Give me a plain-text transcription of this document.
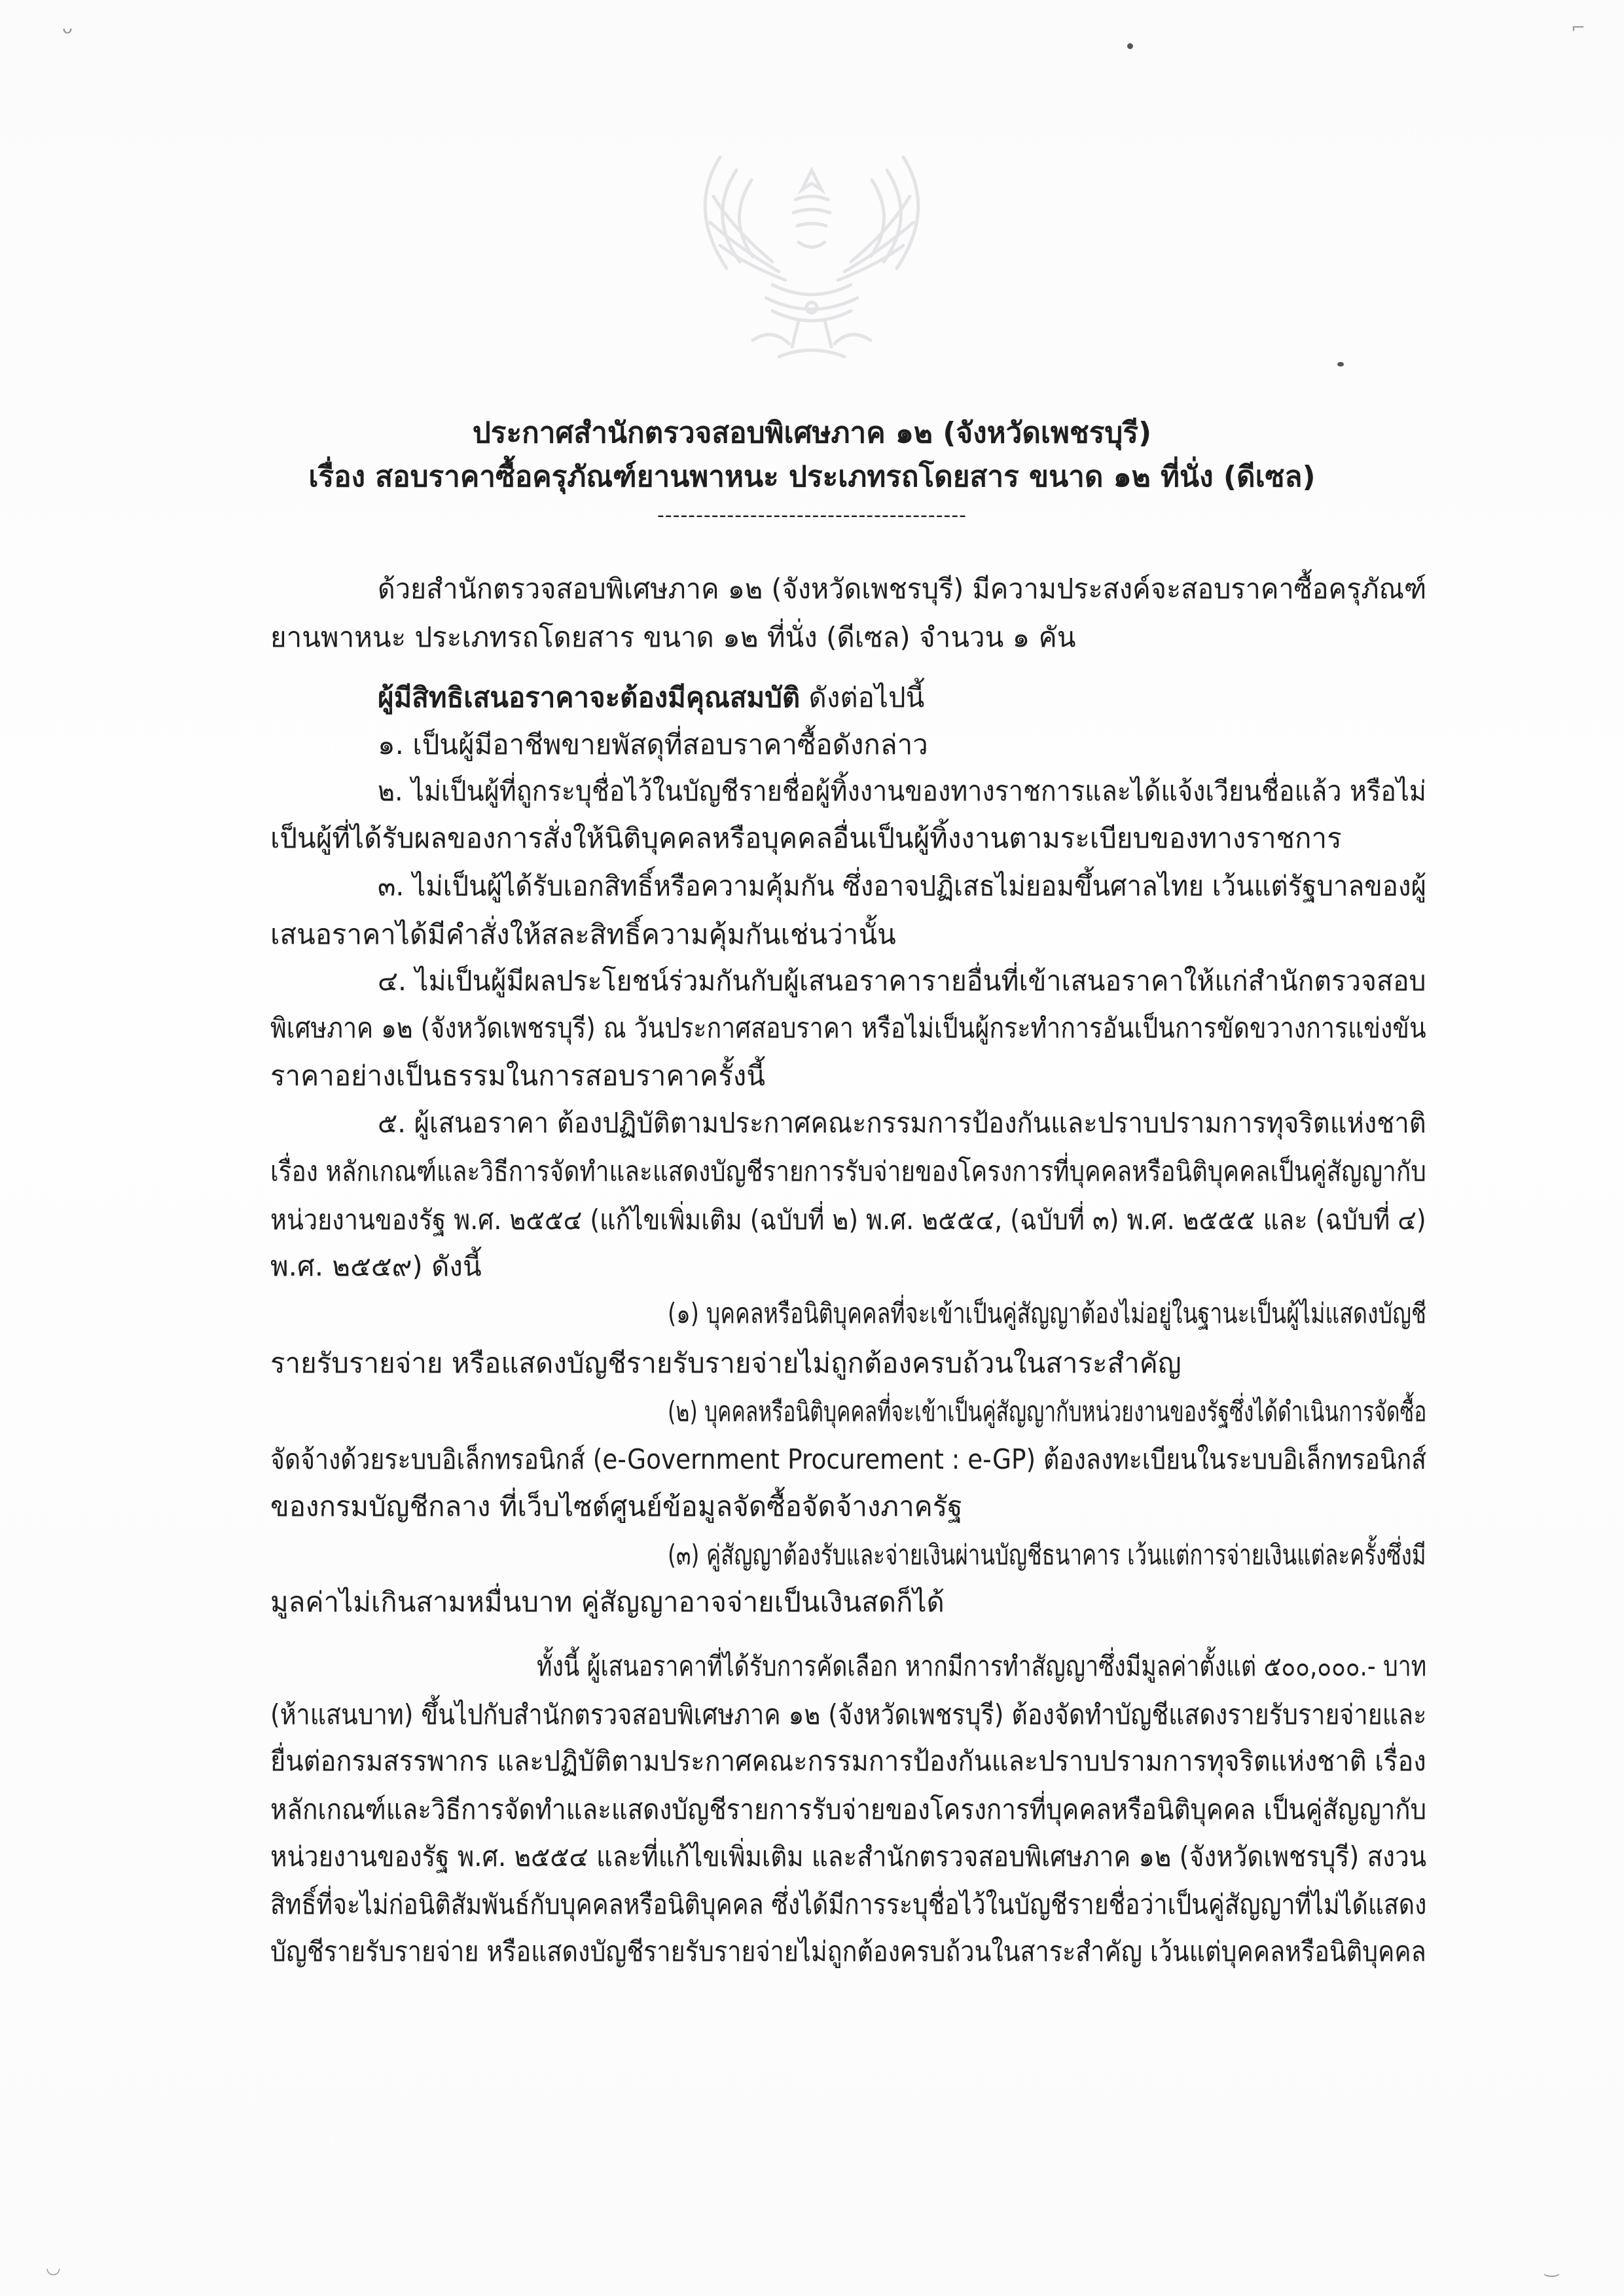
ᴗ	⌐
◡	‿
ประกาศสำนักตรวจสอบพิเศษภาค ๑๒ (จังหวัดเพชรบุรี)
เรื่อง สอบราคาซื้อครุภัณฑ์ยานพาหนะ ประเภทรถโดยสาร ขนาด ๑๒ ที่นั่ง (ดีเซล)
----------------------------------------
ด้วยสำนักตรวจสอบพิเศษภาค ๑๒ (จังหวัดเพชรบุรี) มีความประสงค์จะสอบราคาซื้อครุภัณฑ์
ยานพาหนะ ประเภทรถโดยสาร ขนาด ๑๒ ที่นั่ง (ดีเซล) จำนวน ๑ คัน
ผู้มีสิทธิเสนอราคาจะต้องมีคุณสมบัติ ดังต่อไปนี้
๑. เป็นผู้มีอาชีพขายพัสดุที่สอบราคาซื้อดังกล่าว
๒. ไม่เป็นผู้ที่ถูกระบุชื่อไว้ในบัญชีรายชื่อผู้ทิ้งงานของทางราชการและได้แจ้งเวียนชื่อแล้ว หรือไม่
เป็นผู้ที่ได้รับผลของการสั่งให้นิติบุคคลหรือบุคคลอื่นเป็นผู้ทิ้งงานตามระเบียบของทางราชการ
๓. ไม่เป็นผู้ได้รับเอกสิทธิ์หรือความคุ้มกัน ซึ่งอาจปฏิเสธไม่ยอมขึ้นศาลไทย เว้นแต่รัฐบาลของผู้
เสนอราคาได้มีคำสั่งให้สละสิทธิ์ความคุ้มกันเช่นว่านั้น
๔. ไม่เป็นผู้มีผลประโยชน์ร่วมกันกับผู้เสนอราคารายอื่นที่เข้าเสนอราคาให้แก่สำนักตรวจสอบ
พิเศษภาค ๑๒ (จังหวัดเพชรบุรี) ณ วันประกาศสอบราคา หรือไม่เป็นผู้กระทำการอันเป็นการขัดขวางการแข่งขัน
ราคาอย่างเป็นธรรมในการสอบราคาครั้งนี้
๕. ผู้เสนอราคา ต้องปฏิบัติตามประกาศคณะกรรมการป้องกันและปราบปรามการทุจริตแห่งชาติ
เรื่อง หลักเกณฑ์และวิธีการจัดทำและแสดงบัญชีรายการรับจ่ายของโครงการที่บุคคลหรือนิติบุคคลเป็นคู่สัญญากับ
หน่วยงานของรัฐ พ.ศ. ๒๕๕๔ (แก้ไขเพิ่มเติม (ฉบับที่ ๒) พ.ศ. ๒๕๕๔, (ฉบับที่ ๓) พ.ศ. ๒๕๕๕ และ (ฉบับที่ ๔)
พ.ศ. ๒๕๕๙) ดังนี้
(๑) บุคคลหรือนิติบุคคลที่จะเข้าเป็นคู่สัญญาต้องไม่อยู่ในฐานะเป็นผู้ไม่แสดงบัญชี
รายรับรายจ่าย หรือแสดงบัญชีรายรับรายจ่ายไม่ถูกต้องครบถ้วนในสาระสำคัญ
(๒) บุคคลหรือนิติบุคคลที่จะเข้าเป็นคู่สัญญากับหน่วยงานของรัฐซึ่งได้ดำเนินการจัดซื้อ
จัดจ้างด้วยระบบอิเล็กทรอนิกส์ (e-Government Procurement : e-GP) ต้องลงทะเบียนในระบบอิเล็กทรอนิกส์
ของกรมบัญชีกลาง ที่เว็บไซต์ศูนย์ข้อมูลจัดซื้อจัดจ้างภาครัฐ
(๓) คู่สัญญาต้องรับและจ่ายเงินผ่านบัญชีธนาคาร เว้นแต่การจ่ายเงินแต่ละครั้งซึ่งมี
มูลค่าไม่เกินสามหมื่นบาท คู่สัญญาอาจจ่ายเป็นเงินสดก็ได้
ทั้งนี้ ผู้เสนอราคาที่ได้รับการคัดเลือก หากมีการทำสัญญาซึ่งมีมูลค่าตั้งแต่ ๕๐๐,๐๐๐.- บาท
(ห้าแสนบาท) ขึ้นไปกับสำนักตรวจสอบพิเศษภาค ๑๒ (จังหวัดเพชรบุรี) ต้องจัดทำบัญชีแสดงรายรับรายจ่ายและ
ยื่นต่อกรมสรรพากร และปฏิบัติตามประกาศคณะกรรมการป้องกันและปราบปรามการทุจริตแห่งชาติ เรื่อง
หลักเกณฑ์และวิธีการจัดทำและแสดงบัญชีรายการรับจ่ายของโครงการที่บุคคลหรือนิติบุคคล เป็นคู่สัญญากับ
หน่วยงานของรัฐ พ.ศ. ๒๕๕๔ และที่แก้ไขเพิ่มเติม และสำนักตรวจสอบพิเศษภาค ๑๒ (จังหวัดเพชรบุรี) สงวน
สิทธิ์ที่จะไม่ก่อนิติสัมพันธ์กับบุคคลหรือนิติบุคคล ซึ่งได้มีการระบุชื่อไว้ในบัญชีรายชื่อว่าเป็นคู่สัญญาที่ไม่ได้แสดง
บัญชีรายรับรายจ่าย หรือแสดงบัญชีรายรับรายจ่ายไม่ถูกต้องครบถ้วนในสาระสำคัญ เว้นแต่บุคคลหรือนิติบุคคล
